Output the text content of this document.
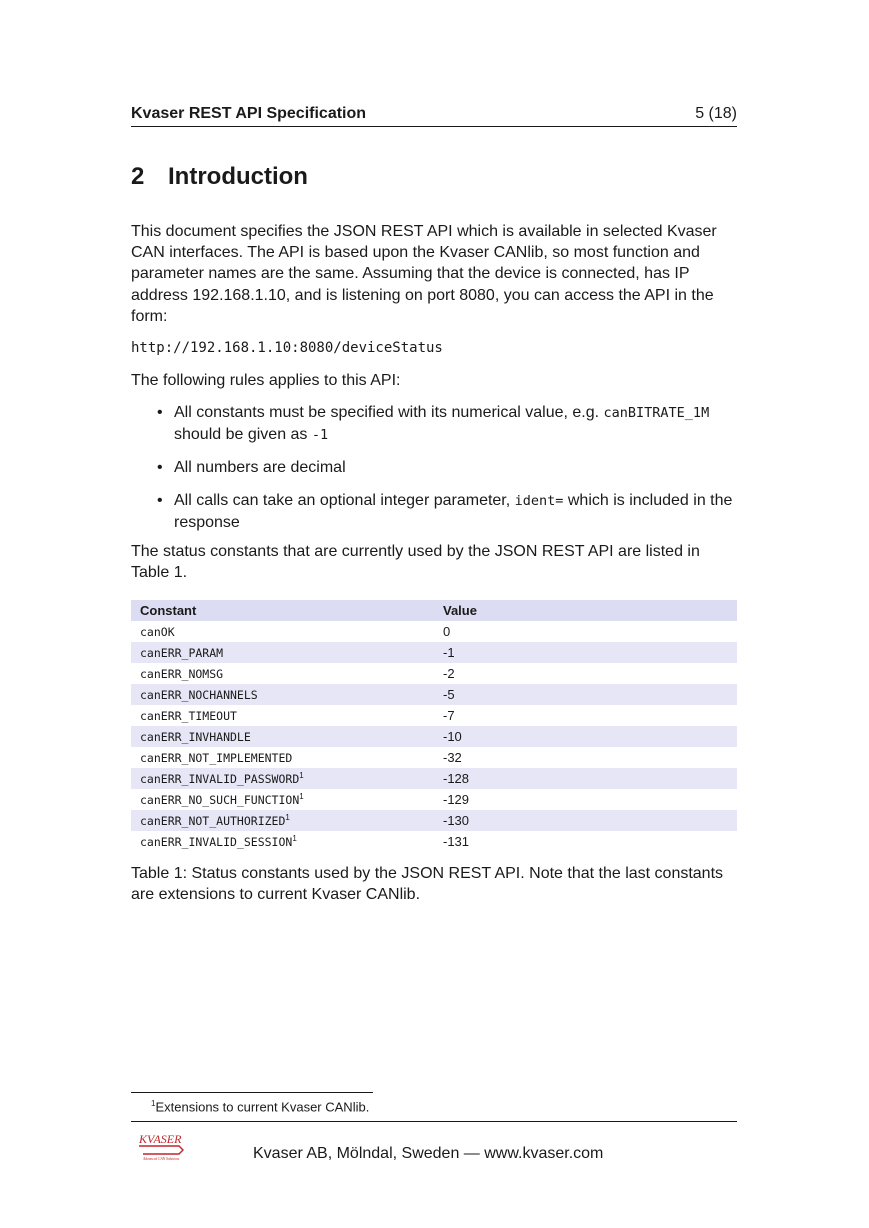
Kvaser REST API Specification	5 (18)
2 Introduction

This document specifies the JSON REST API which is available in selected Kvaser CAN interfaces. The API is based upon the Kvaser CANlib, so most function and parameter names are the same. Assuming that the device is connected, has IP address 192.168.1.10, and is listening on port 8080, you can access the API in the form:

http://192.168.1.10:8080/deviceStatus

The following rules applies to this API:

• All constants must be specified with its numerical value, e.g. canBITRATE_1M should be given as -1
• All numbers are decimal
• All calls can take an optional integer parameter, ident= which is included in the response

The status constants that are currently used by the JSON REST API are listed in Table 1.

Constant	Value
canOK	0
canERR_PARAM	-1
canERR_NOMSG	-2
canERR_NOCHANNELS	-5
canERR_TIMEOUT	-7
canERR_INVHANDLE	-10
canERR_NOT_IMPLEMENTED	-32
canERR_INVALID_PASSWORD$^1$	-128
canERR_NO_SUCH_FUNCTION$^1$	-129
canERR_NOT_AUTHORIZED$^1$	-130
canERR_INVALID_SESSION$^1$	-131

Table 1: Status constants used by the JSON REST API. Note that the last constants are extensions to current Kvaser CANlib.

$^1$Extensions to current Kvaser CANlib.
KVASER
Advanced CAN Solutions	Kvaser AB, Mölndal, Sweden — www.kvaser.com
